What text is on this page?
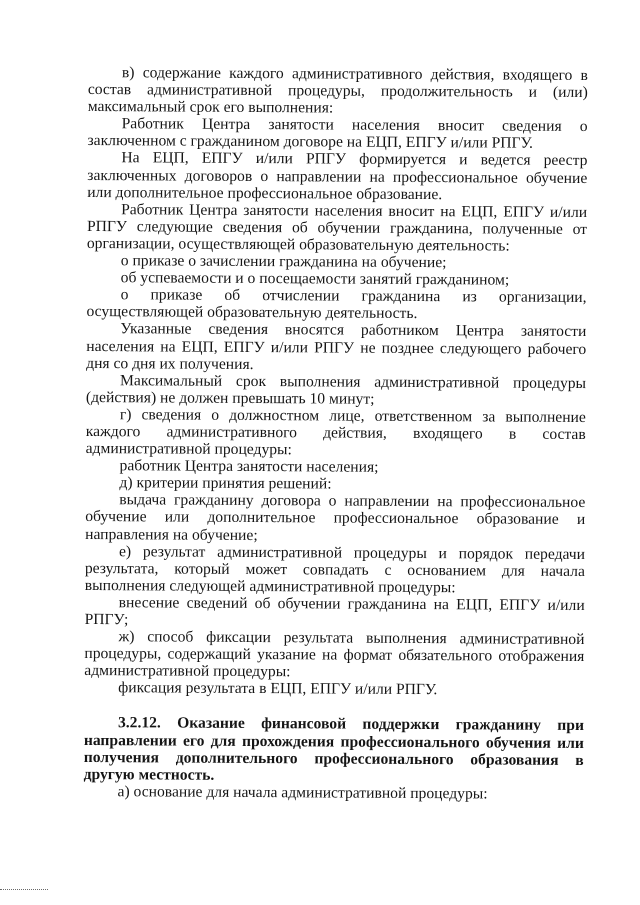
в) содержание каждого административного действия, входящего в состав административной процедуры, продолжительность и (или) максимальный срок его выполнения:

Работник Центра занятости населения вносит сведения о заключенном с гражданином договоре на ЕЦП, ЕПГУ и/или РПГУ.

На ЕЦП, ЕПГУ и/или РПГУ формируется и ведется реестр заключенных договоров о направлении на профессиональное обучение или дополнительное профессиональное образование.

Работник Центра занятости населения вносит на ЕЦП, ЕПГУ и/или РПГУ следующие сведения об обучении гражданина, полученные от организации, осуществляющей образовательную деятельность:

о приказе о зачислении гражданина на обучение;

об успеваемости и о посещаемости занятий гражданином;

о приказе об отчислении гражданина из организации, осуществляющей образовательную деятельность.

Указанные сведения вносятся работником Центра занятости населения на ЕЦП, ЕПГУ и/или РПГУ не позднее следующего рабочего дня со дня их получения.

Максимальный срок выполнения административной процедуры (действия) не должен превышать 10 минут;

г) сведения о должностном лице, ответственном за выполнение каждого административного действия, входящего в состав административной процедуры:

работник Центра занятости населения;

д) критерии принятия решений:

выдача гражданину договора о направлении на профессиональное обучение или дополнительное профессиональное образование и направления на обучение;

е) результат административной процедуры и порядок передачи результата, который может совпадать с основанием для начала выполнения следующей административной процедуры:

внесение сведений об обучении гражданина на ЕЦП, ЕПГУ и/или РПГУ;

ж) способ фиксации результата выполнения административной процедуры, содержащий указание на формат обязательного отображения административной процедуры:

фиксация результата в ЕЦП, ЕПГУ и/или РПГУ.

3.2.12. Оказание финансовой поддержки гражданину при направлении его для прохождения профессионального обучения или получения дополнительного профессионального образования в другую местность.

а) основание для начала административной процедуры:
